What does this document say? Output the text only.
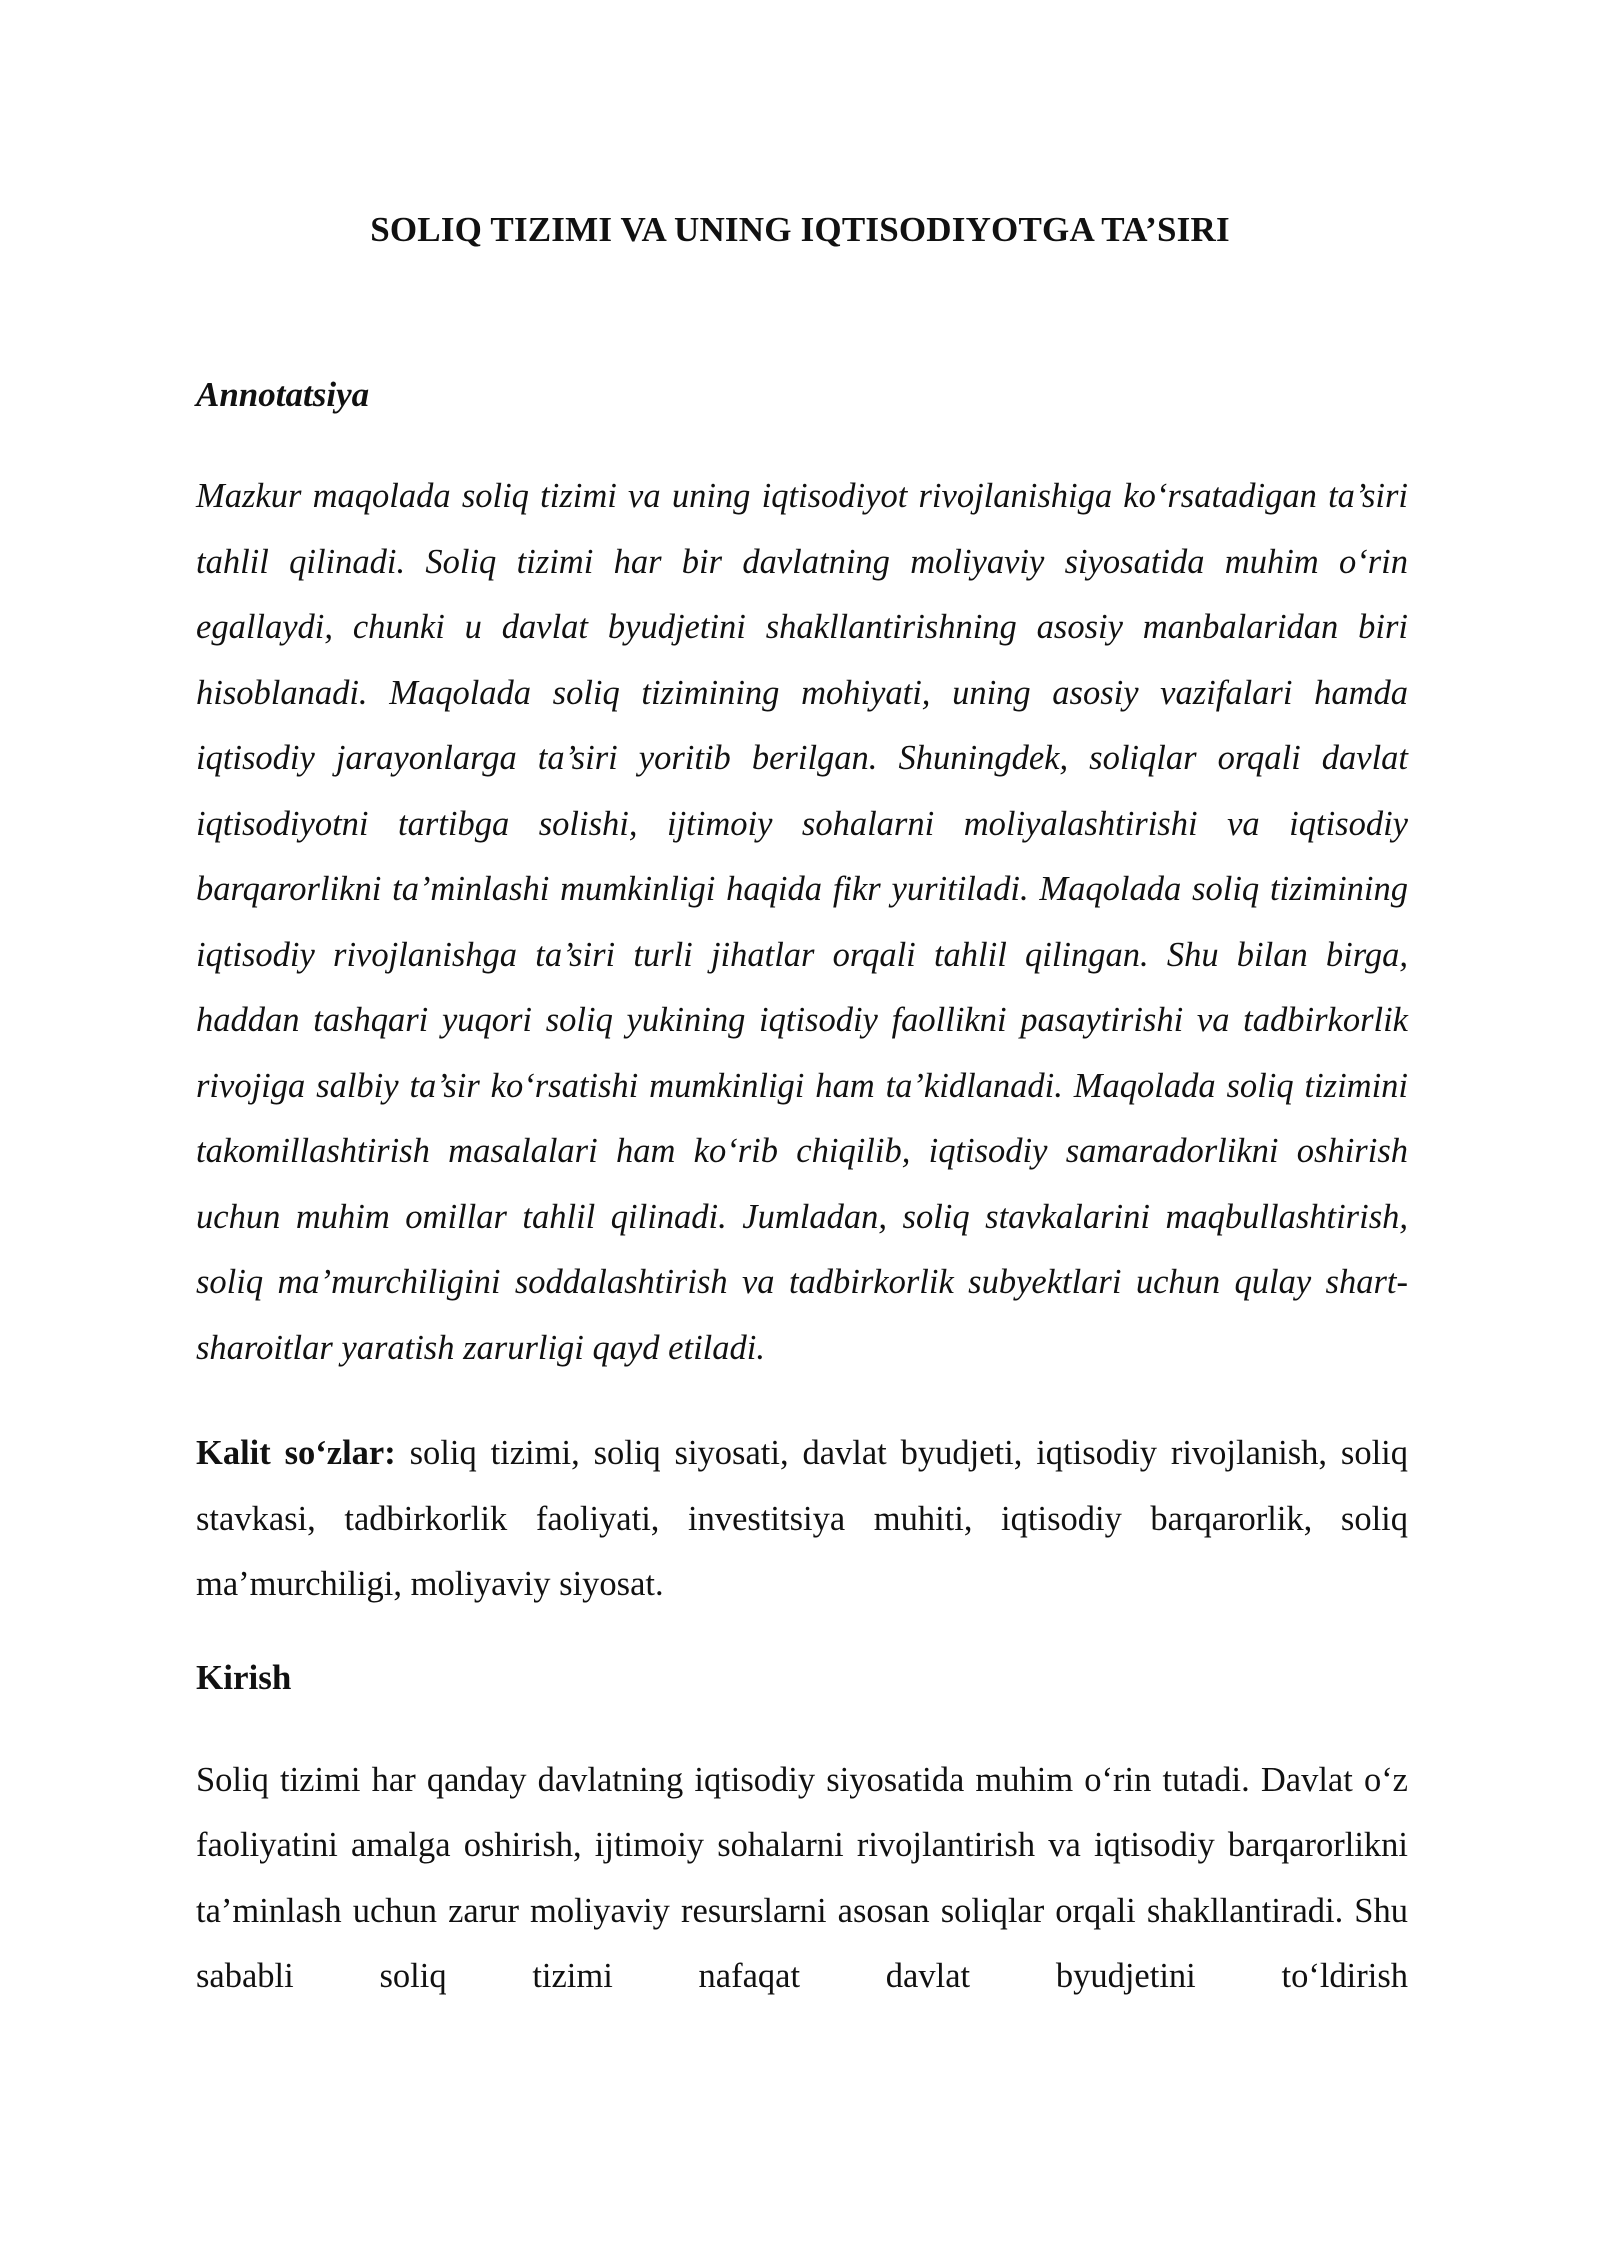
SOLIQ TIZIMI VA UNING IQTISODIYOTGA TA’SIRI
Annotatsiya

Mazkur maqolada soliq tizimi va uning iqtisodiyot rivojlanishiga ko‘rsatadigan ta’siri tahlil qilinadi. Soliq tizimi har bir davlatning moliyaviy siyosatida muhim o‘rin egallaydi, chunki u davlat byudjetini shakllantirishning asosiy manbalaridan biri hisoblanadi. Maqolada soliq tizimining mohiyati, uning asosiy vazifalari hamda iqtisodiy jarayonlarga ta’siri yoritib berilgan. Shuningdek, soliqlar orqali davlat iqtisodiyotni tartibga solishi, ijtimoiy sohalarni moliyalashtirishi va iqtisodiy barqarorlikni ta’minlashi mumkinligi haqida fikr yuritiladi. Maqolada soliq tizimining iqtisodiy rivojlanishga ta’siri turli jihatlar orqali tahlil qilingan. Shu bilan birga, haddan tashqari yuqori soliq yukining iqtisodiy faollikni pasaytirishi va tadbirkorlik rivojiga salbiy ta’sir ko‘rsatishi mumkinligi ham ta’kidlanadi. Maqolada soliq tizimini takomillashtirish masalalari ham ko‘rib chiqilib, iqtisodiy samaradorlikni oshirish uchun muhim omillar tahlil qilinadi. Jumladan, soliq stavkalarini maqbullashtirish, soliq ma’murchiligini soddalashtirish va tadbirkorlik subyektlari uchun qulay shart-sharoitlar yaratish zarurligi qayd etiladi.

Kalit so‘zlar: soliq tizimi, soliq siyosati, davlat byudjeti, iqtisodiy rivojlanish, soliq stavkasi, tadbirkorlik faoliyati, investitsiya muhiti, iqtisodiy barqarorlik, soliq ma’murchiligi, moliyaviy siyosat.

Kirish

Soliq tizimi har qanday davlatning iqtisodiy siyosatida muhim o‘rin tutadi. Davlat o‘z faoliyatini amalga oshirish, ijtimoiy sohalarni rivojlantirish va iqtisodiy barqarorlikni ta’minlash uchun zarur moliyaviy resurslarni asosan soliqlar orqali shakllantiradi. Shu sababli soliq tizimi nafaqat davlat byudjetini to‘ldirish
